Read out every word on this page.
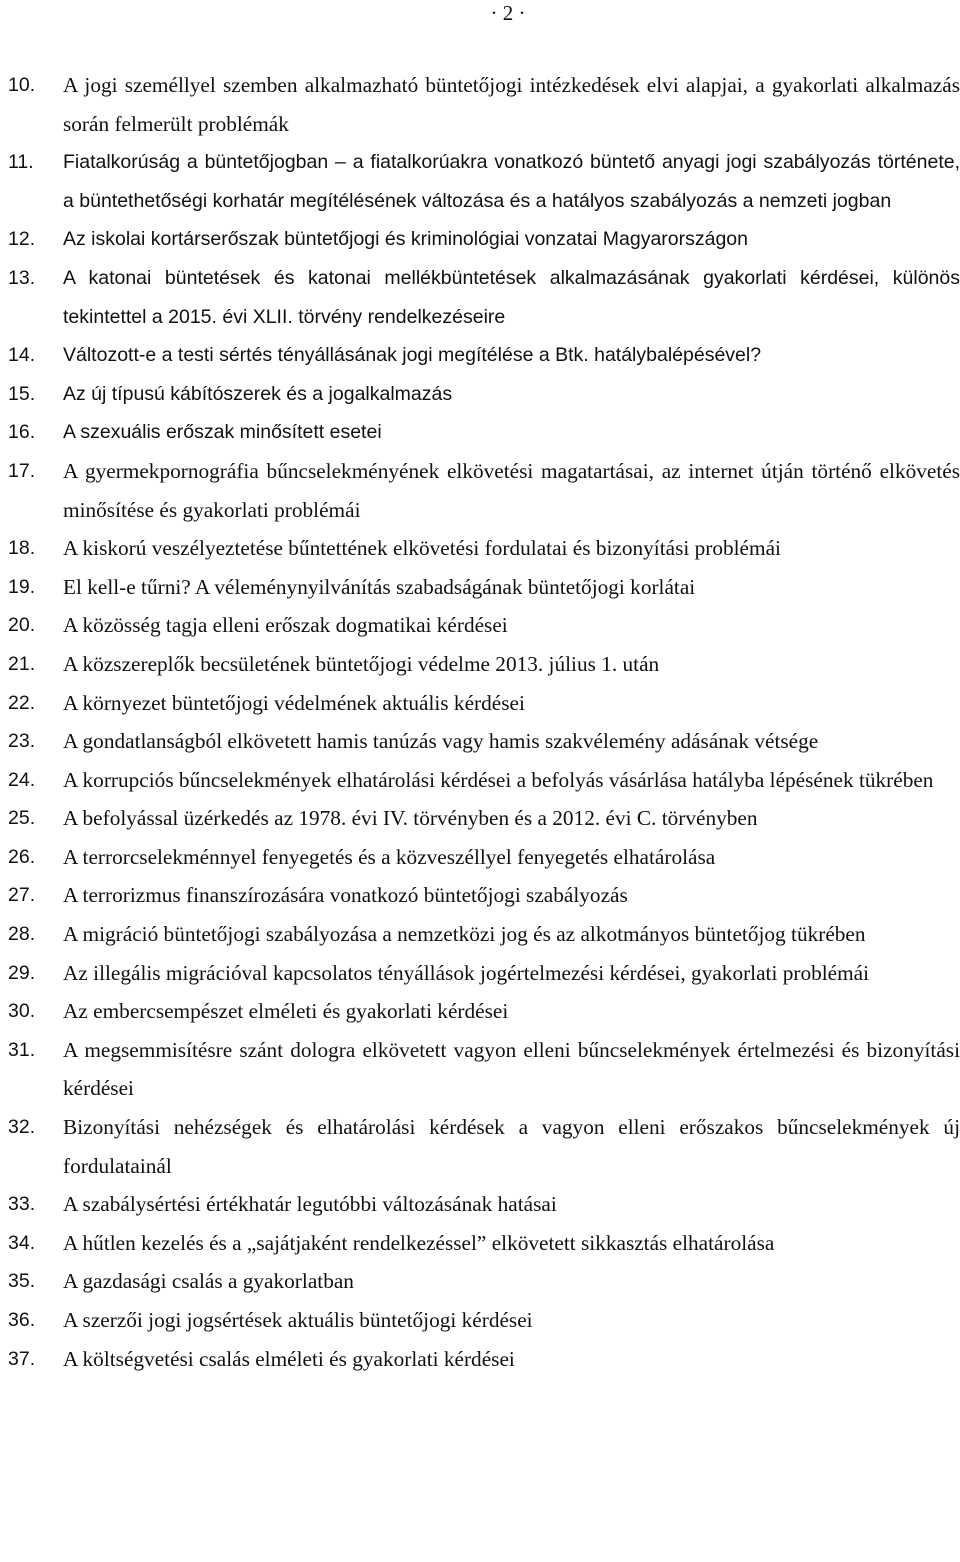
· 2 ·
10. A jogi személlyel szemben alkalmazható büntetőjogi intézkedések elvi alapjai, a gyakorlati alkalmazás során felmerült problémák
11. Fiatalkorúság a büntetőjogban – a fiatalkorúakra vonatkozó büntető anyagi jogi szabályozás története, a büntethetőségi korhatár megítélésének változása és a hatályos szabályozás a nemzeti jogban
12. Az iskolai kortárserőszak büntetőjogi és kriminológiai vonzatai Magyarországon
13. A katonai büntetések és katonai mellékbüntetések alkalmazásának gyakorlati kérdései, különös tekintettel a 2015. évi XLII. törvény rendelkezéseire
14. Változott-e a testi sértés tényállásának jogi megítélése a Btk. hatálybalépésével?
15. Az új típusú kábítószerek és a jogalkalmazás
16. A szexuális erőszak minősített esetei
17. A gyermekpornográfia bűncselekményének elkövetési magatartásai, az internet útján történő elkövetés minősítése és gyakorlati problémái
18. A kiskorú veszélyeztetése bűntettének elkövetési fordulatai és bizonyítási problémái
19. El kell-e tűrni? A véleménynyilvánítás szabadságának büntetőjogi korlátai
20. A közösség tagja elleni erőszak dogmatikai kérdései
21. A közszereplők becsületének büntetőjogi védelme 2013. július 1. után
22. A környezet büntetőjogi védelmének aktuális kérdései
23. A gondatlanságból elkövetett hamis tanúzás vagy hamis szakvélemény adásának vétsége
24. A korrupciós bűncselekmények elhatárolási kérdései a befolyás vásárlása hatályba lépésének tükrében
25. A befolyással üzérkedés az 1978. évi IV. törvényben és a 2012. évi C. törvényben
26. A terrorcselekménnyel fenyegetés és a közveszéllyel fenyegetés elhatárolása
27. A terrorizmus finanszírozására vonatkozó büntetőjogi szabályozás
28. A migráció büntetőjogi szabályozása a nemzetközi jog és az alkotmányos büntetőjog tükrében
29. Az illegális migrációval kapcsolatos tényállások jogértelmezési kérdései, gyakorlati problémái
30. Az embercsempészet elméleti és gyakorlati kérdései
31. A megsemmisítésre szánt dologra elkövetett vagyon elleni bűncselekmények értelmezési és bizonyítási kérdései
32. Bizonyítási nehézségek és elhatárolási kérdések a vagyon elleni erőszakos bűncselekmények új fordulatainál
33. A szabálysértési értékhatár legutóbbi változásának hatásai
34. A hűtlen kezelés és a „sajátjaként rendelkezéssel” elkövetett sikkasztás elhatárolása
35. A gazdasági csalás a gyakorlatban
36. A szerzői jogi jogsértések aktuális büntetőjogi kérdései
37. A költségvetési csalás elméleti és gyakorlati kérdései
